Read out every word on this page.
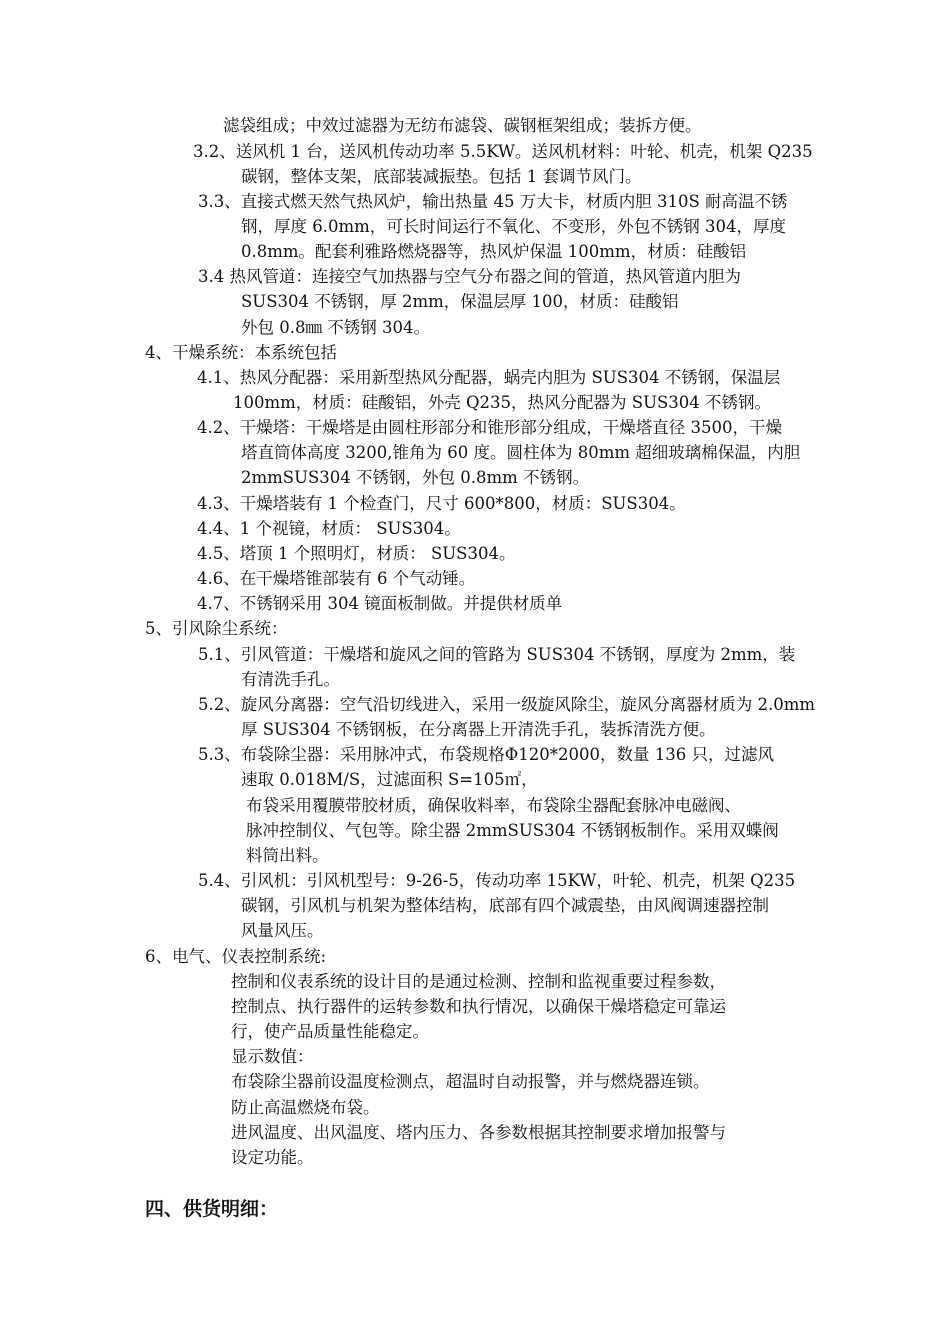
滤袋组成；中效过滤器为无纺布滤袋、碳钢框架组成；装拆方便。
3.2、送风机 1 台，送风机传动功率 5.5KW。送风机材料：叶轮、机壳，机架 Q235
碳钢，整体支架，底部装减振垫。包括 1 套调节风门。
3.3、直接式燃天然气热风炉，输出热量 45 万大卡，材质内胆 310S 耐高温不锈
钢，厚度 6.0mm，可长时间运行不氧化、不变形，外包不锈钢 304，厚度
0.8mm。配套利雅路燃烧器等，热风炉保温 100mm，材质：硅酸铝
3.4 热风管道：连接空气加热器与空气分布器之间的管道，热风管道内胆为
SUS304 不锈钢，厚 2mm，保温层厚 100，材质：硅酸铝
外包 0.8㎜ 不锈钢 304。
4、干燥系统：本系统包括
4.1、热风分配器：采用新型热风分配器，蜗壳内胆为 SUS304 不锈钢，保温层
100mm，材质：硅酸铝，外壳 Q235，热风分配器为 SUS304 不锈钢。
4.2、干燥塔：干燥塔是由圆柱形部分和锥形部分组成，干燥塔直径 3500，干燥
塔直筒体高度 3200,锥角为 60 度。圆柱体为 80mm 超细玻璃棉保温，内胆
2mmSUS304 不锈钢，外包 0.8mm 不锈钢。
4.3、干燥塔装有 1 个检查门，尺寸 600*800，材质：SUS304。
4.4、1 个视镜，材质： SUS304。
4.5、塔顶 1 个照明灯，材质： SUS304。
4.6、在干燥塔锥部装有 6 个气动锤。
4.7、不锈钢采用 304 镜面板制做。并提供材质单
5、引风除尘系统：
5.1、引风管道：干燥塔和旋风之间的管路为 SUS304 不锈钢，厚度为 2mm，装
有清洗手孔。
5.2、旋风分离器：空气沿切线进入，采用一级旋风除尘，旋风分离器材质为 2.0mm
厚 SUS304 不锈钢板，在分离器上开清洗手孔，装拆清洗方便。
5.3、布袋除尘器：采用脉冲式，布袋规格Φ120*2000，数量 136 只，过滤风
速取 0.018M/S，过滤面积 S=105㎡，
布袋采用覆膜带胶材质，确保收料率，布袋除尘器配套脉冲电磁阀、
脉冲控制仪、气包等。除尘器 2mmSUS304 不锈钢板制作。采用双蝶阀
料筒出料。
5.4、引风机：引风机型号：9-26-5，传动功率 15KW，叶轮、机壳，机架 Q235
碳钢，引风机与机架为整体结构，底部有四个减震垫，由风阀调速器控制
风量风压。
6、电气、仪表控制系统:
控制和仪表系统的设计目的是通过检测、控制和监视重要过程参数，
控制点、执行器件的运转参数和执行情况，以确保干燥塔稳定可靠运
行，使产品质量性能稳定。
显示数值：
布袋除尘器前设温度检测点，超温时自动报警，并与燃烧器连锁。
防止高温燃烧布袋。
进风温度、出风温度、塔内压力、各参数根据其控制要求增加报警与
设定功能。
四、供货明细：
